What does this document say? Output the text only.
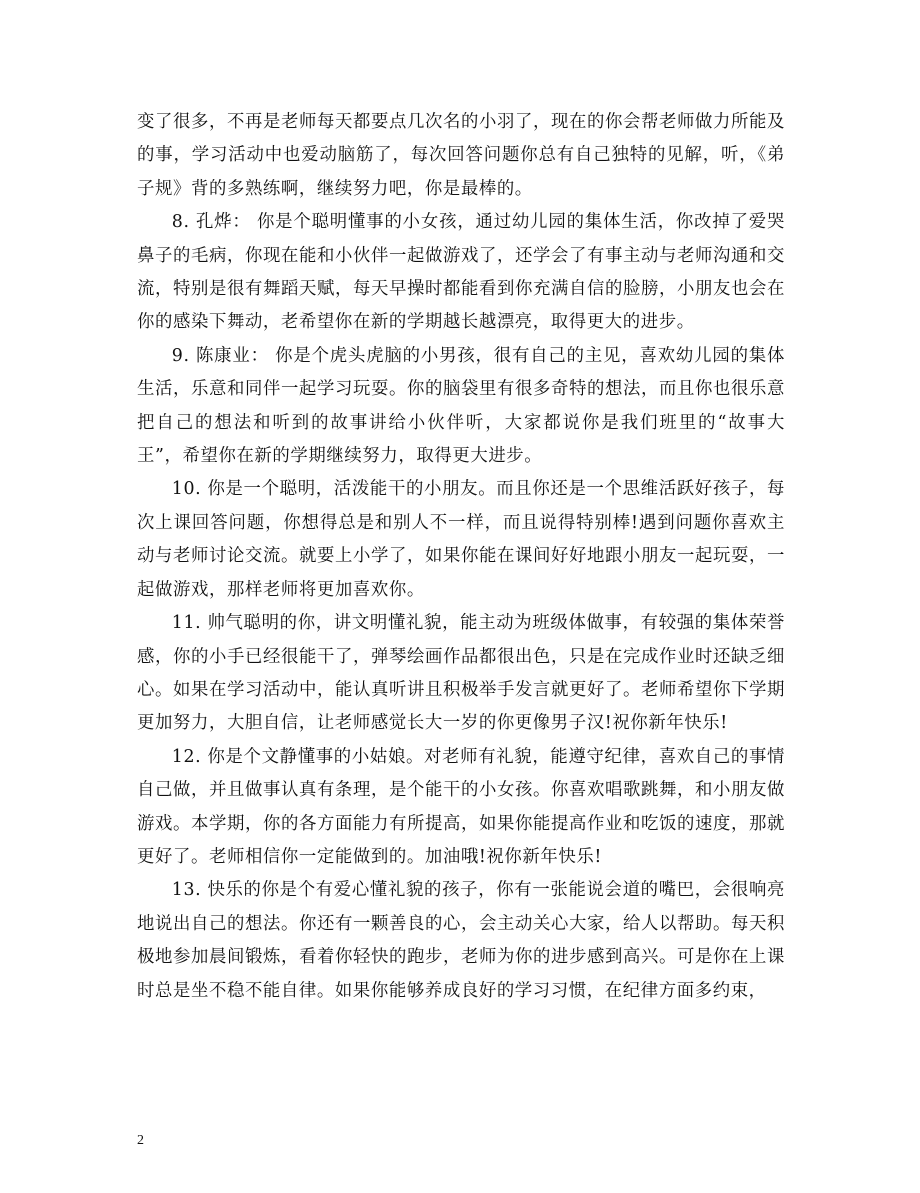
变了很多，不再是老师每天都要点几次名的小羽了，现在的你会帮老师做力所能及的事，学习活动中也爱动脑筋了，每次回答问题你总有自己独特的见解，听，《弟子规》背的多熟练啊，继续努力吧，你是最棒的。

8. 孔烨： 你是个聪明懂事的小女孩，通过幼儿园的集体生活，你改掉了爱哭鼻子的毛病，你现在能和小伙伴一起做游戏了，还学会了有事主动与老师沟通和交流，特别是很有舞蹈天赋，每天早操时都能看到你充满自信的脸膀，小朋友也会在你的感染下舞动，老希望你在新的学期越长越漂亮，取得更大的进步。

9. 陈康业： 你是个虎头虎脑的小男孩，很有自己的主见，喜欢幼儿园的集体生活，乐意和同伴一起学习玩耍。你的脑袋里有很多奇特的想法，而且你也很乐意把自己的想法和听到的故事讲给小伙伴听，大家都说你是我们班里的“故事大王”，希望你在新的学期继续努力，取得更大进步。

10. 你是一个聪明，活泼能干的小朋友。而且你还是一个思维活跃好孩子，每次上课回答问题，你想得总是和别人不一样，而且说得特别棒!遇到问题你喜欢主动与老师讨论交流。就要上小学了，如果你能在课间好好地跟小朋友一起玩耍，一起做游戏，那样老师将更加喜欢你。

11. 帅气聪明的你，讲文明懂礼貌，能主动为班级体做事，有较强的集体荣誉感，你的小手已经很能干了，弹琴绘画作品都很出色，只是在完成作业时还缺乏细心。如果在学习活动中，能认真听讲且积极举手发言就更好了。老师希望你下学期更加努力，大胆自信，让老师感觉长大一岁的你更像男子汉!祝你新年快乐!

12. 你是个文静懂事的小姑娘。对老师有礼貌，能遵守纪律，喜欢自己的事情自己做，并且做事认真有条理，是个能干的小女孩。你喜欢唱歌跳舞，和小朋友做游戏。本学期，你的各方面能力有所提高，如果你能提高作业和吃饭的速度，那就更好了。老师相信你一定能做到的。加油哦!祝你新年快乐!

13. 快乐的你是个有爱心懂礼貌的孩子，你有一张能说会道的嘴巴，会很响亮地说出自己的想法。你还有一颗善良的心，会主动关心大家，给人以帮助。每天积极地参加晨间锻炼，看着你轻快的跑步，老师为你的进步感到高兴。可是你在上课时总是坐不稳不能自律。如果你能够养成良好的学习习惯，在纪律方面多约束，

2
